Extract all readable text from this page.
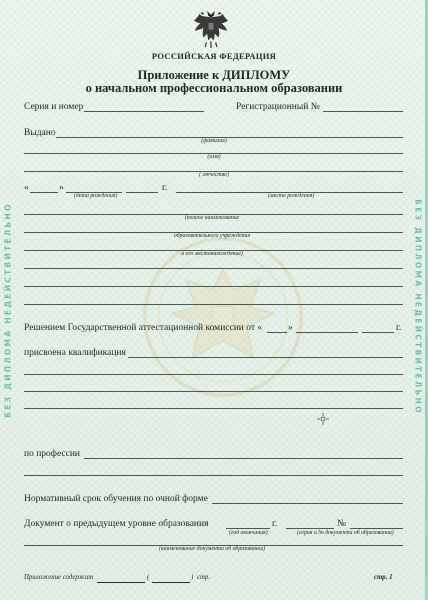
РОССИЙСКАЯ ФЕДЕРАЦИЯ
Приложение к ДИПЛОМУ
о начальном профессиональном образовании
БЕЗ ДИПЛОМА НЕДЕЙСТВИТЕЛЬНО	БЕЗ ДИПЛОМА НЕДЕЙСТВИТЕЛЬНО
Серия и номер	Регистрационный №
Выдано
(фамилия)
(имя)
( отчество)
«	»	г.
(дата рождения)	(место рождения)
(полное наименование
образовательного учреждения
и его местонахождение)
Решением Государственной аттестационной комиссии от «	»	г.
присвоена квалификация
по профессии
Нормативный срок обучения по очной форме
Документ о предыдущем уровне образования	г.	№
(год окончания)	(серия и № документа об образовании)
(наименование документа об образовании)
Приложение содержит	(	) стр.	стр. 1
